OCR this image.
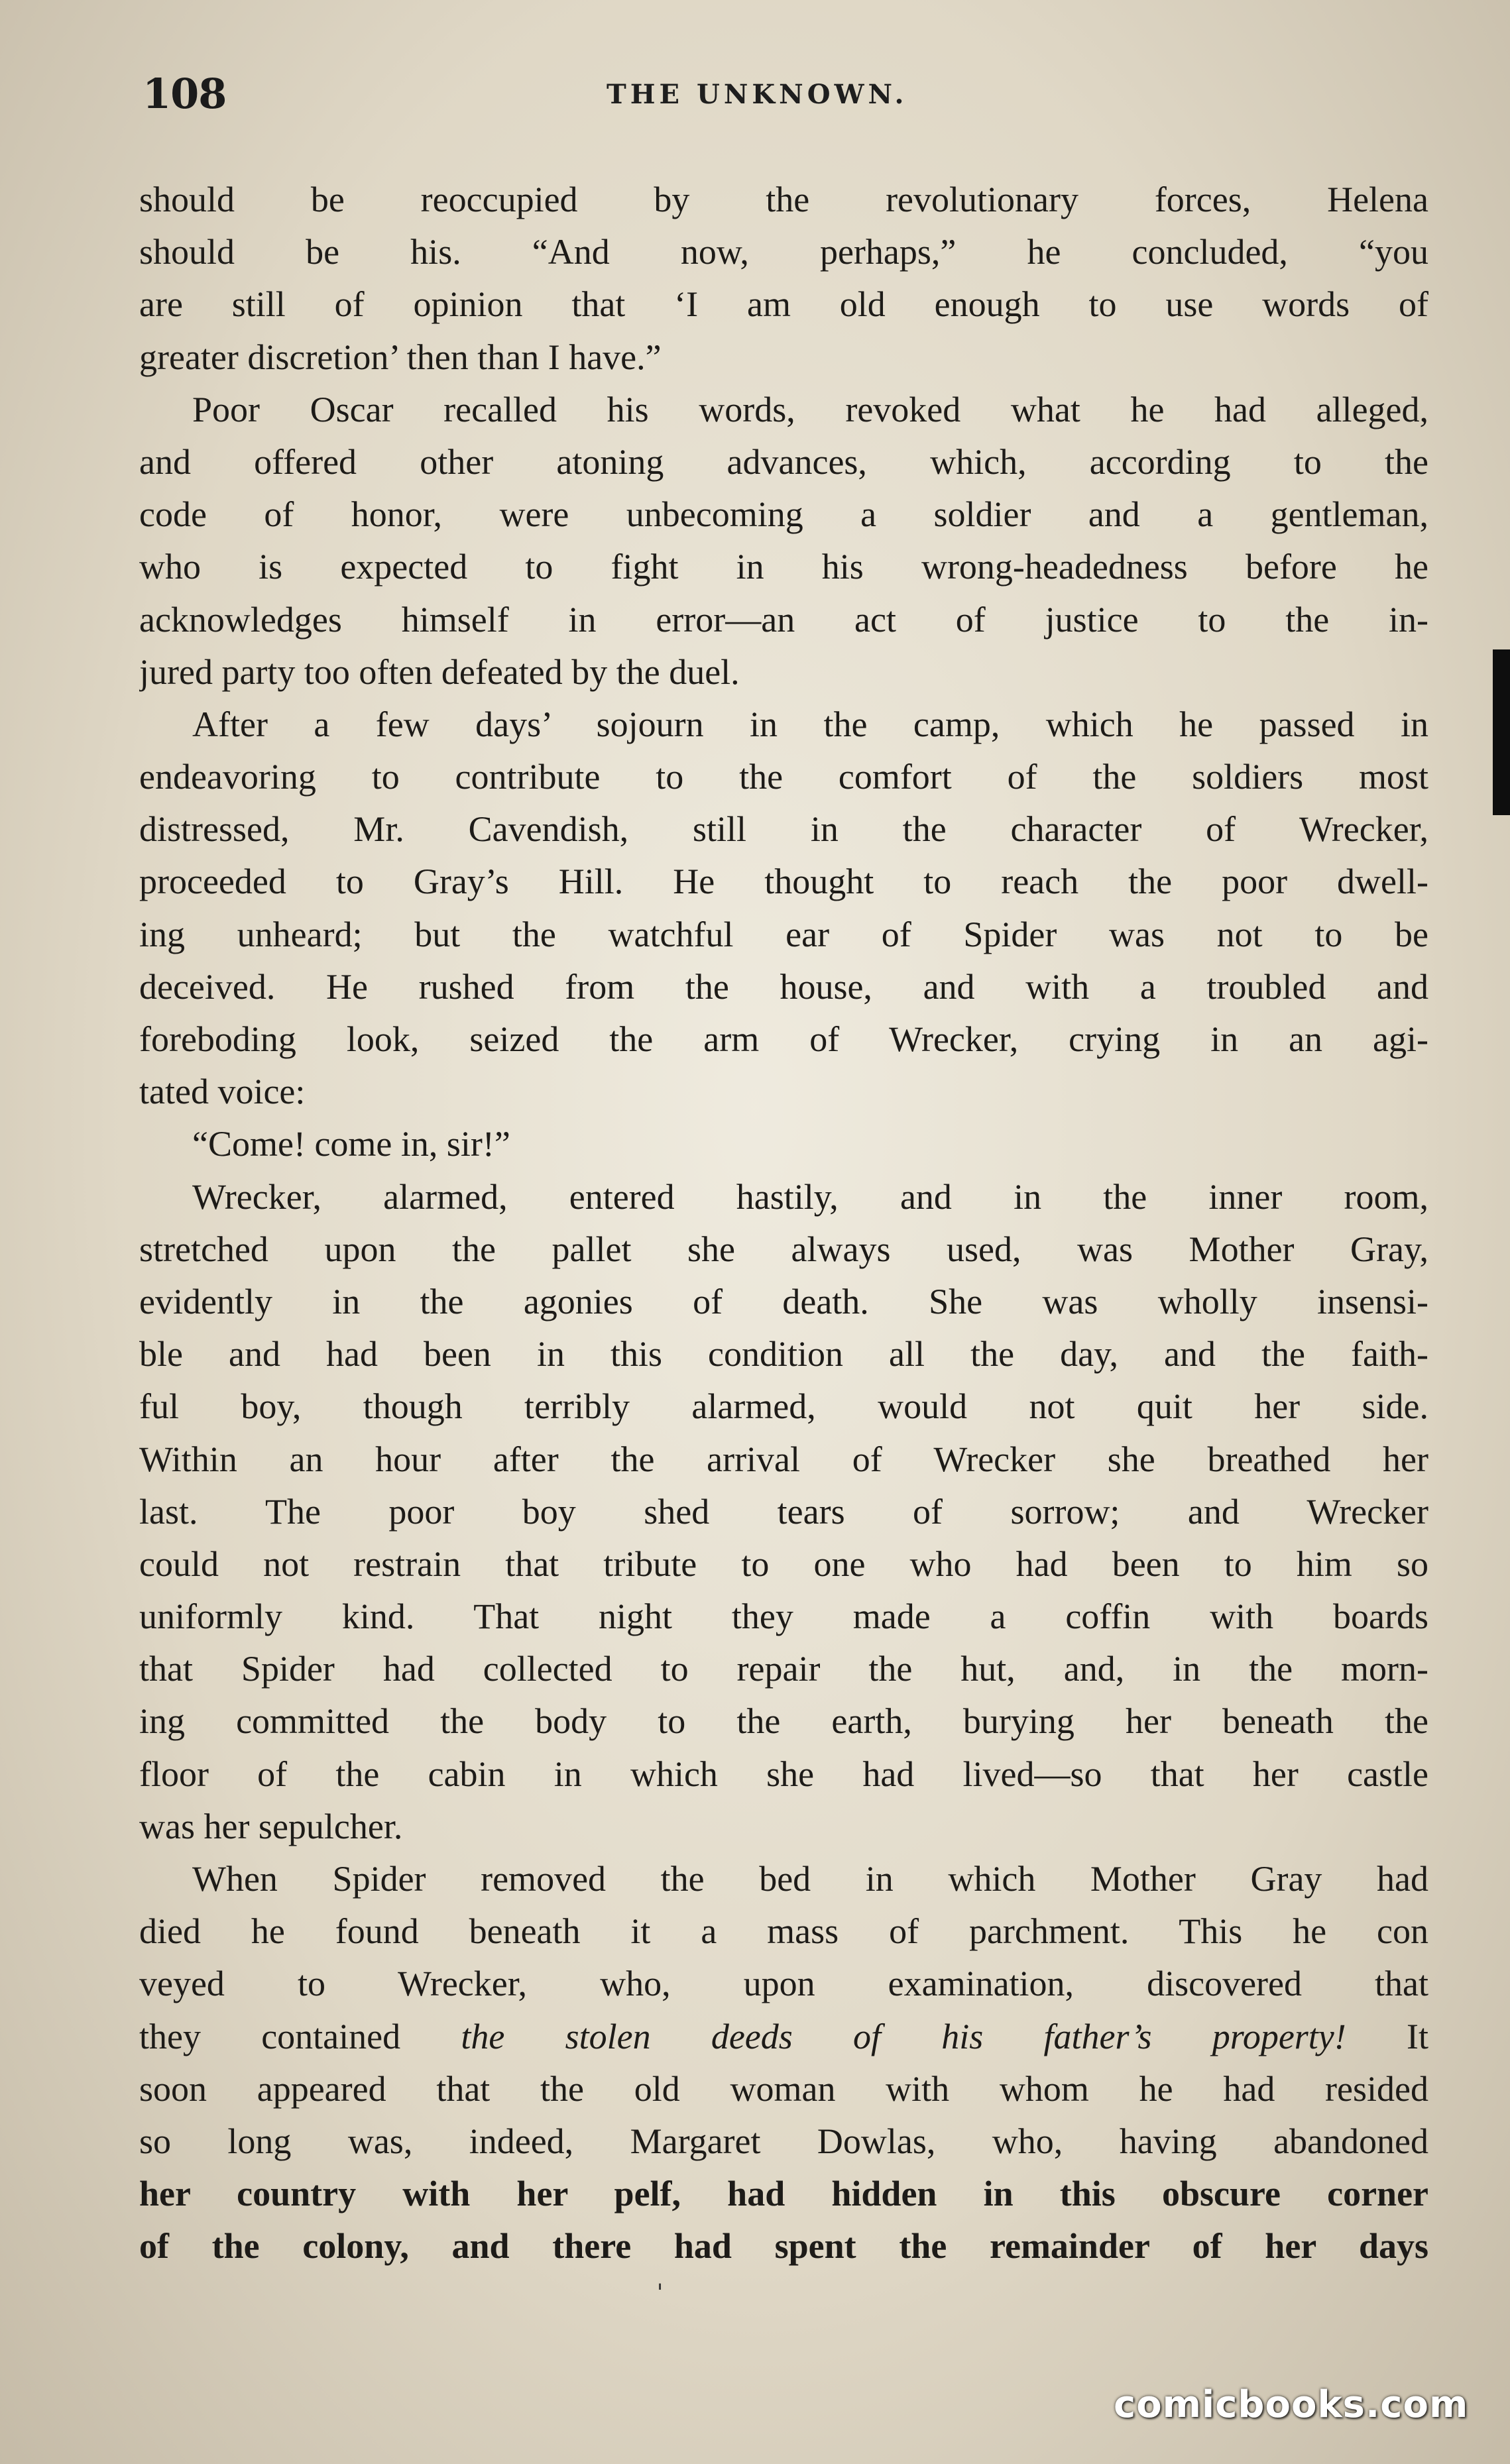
108	THE UNKNOWN.
should be reoccupied by the revolutionary forces, Helena
should be his. “And now, perhaps,” he concluded, “you
are still of opinion that ‘I am old enough to use words of
greater discretion’ then than I have.”
Poor Oscar recalled his words, revoked what he had alleged,
and offered other atoning advances, which, according to the
code of honor, were unbecoming a soldier and a gentleman,
who is expected to fight in his wrong-headedness before he
acknowledges himself in error—an act of justice to the in-
jured party too often defeated by the duel.
After a few days’ sojourn in the camp, which he passed in
endeavoring to contribute to the comfort of the soldiers most
distressed, Mr. Cavendish, still in the character of Wrecker,
proceeded to Gray’s Hill. He thought to reach the poor dwell-
ing unheard; but the watchful ear of Spider was not to be
deceived. He rushed from the house, and with a troubled and
foreboding look, seized the arm of Wrecker, crying in an agi-
tated voice:
“Come! come in, sir!”
Wrecker, alarmed, entered hastily, and in the inner room,
stretched upon the pallet she always used, was Mother Gray,
evidently in the agonies of death. She was wholly insensi-
ble and had been in this condition all the day, and the faith-
ful boy, though terribly alarmed, would not quit her side.
Within an hour after the arrival of Wrecker she breathed her
last. The poor boy shed tears of sorrow; and Wrecker
could not restrain that tribute to one who had been to him so
uniformly kind. That night they made a coffin with boards
that Spider had collected to repair the hut, and, in the morn-
ing committed the body to the earth, burying her beneath the
floor of the cabin in which she had lived—so that her castle
was her sepulcher.
When Spider removed the bed in which Mother Gray had
died he found beneath it a mass of parchment. This he con
veyed to Wrecker, who, upon examination, discovered that
they contained the stolen deeds of his father’s property! It
soon appeared that the old woman with whom he had resided
so long was, indeed, Margaret Dowlas, who, having abandoned
her country with her pelf, had hidden in this obscure corner
of the colony, and there had spent the remainder of her days
ˈ
comicbooks.com
